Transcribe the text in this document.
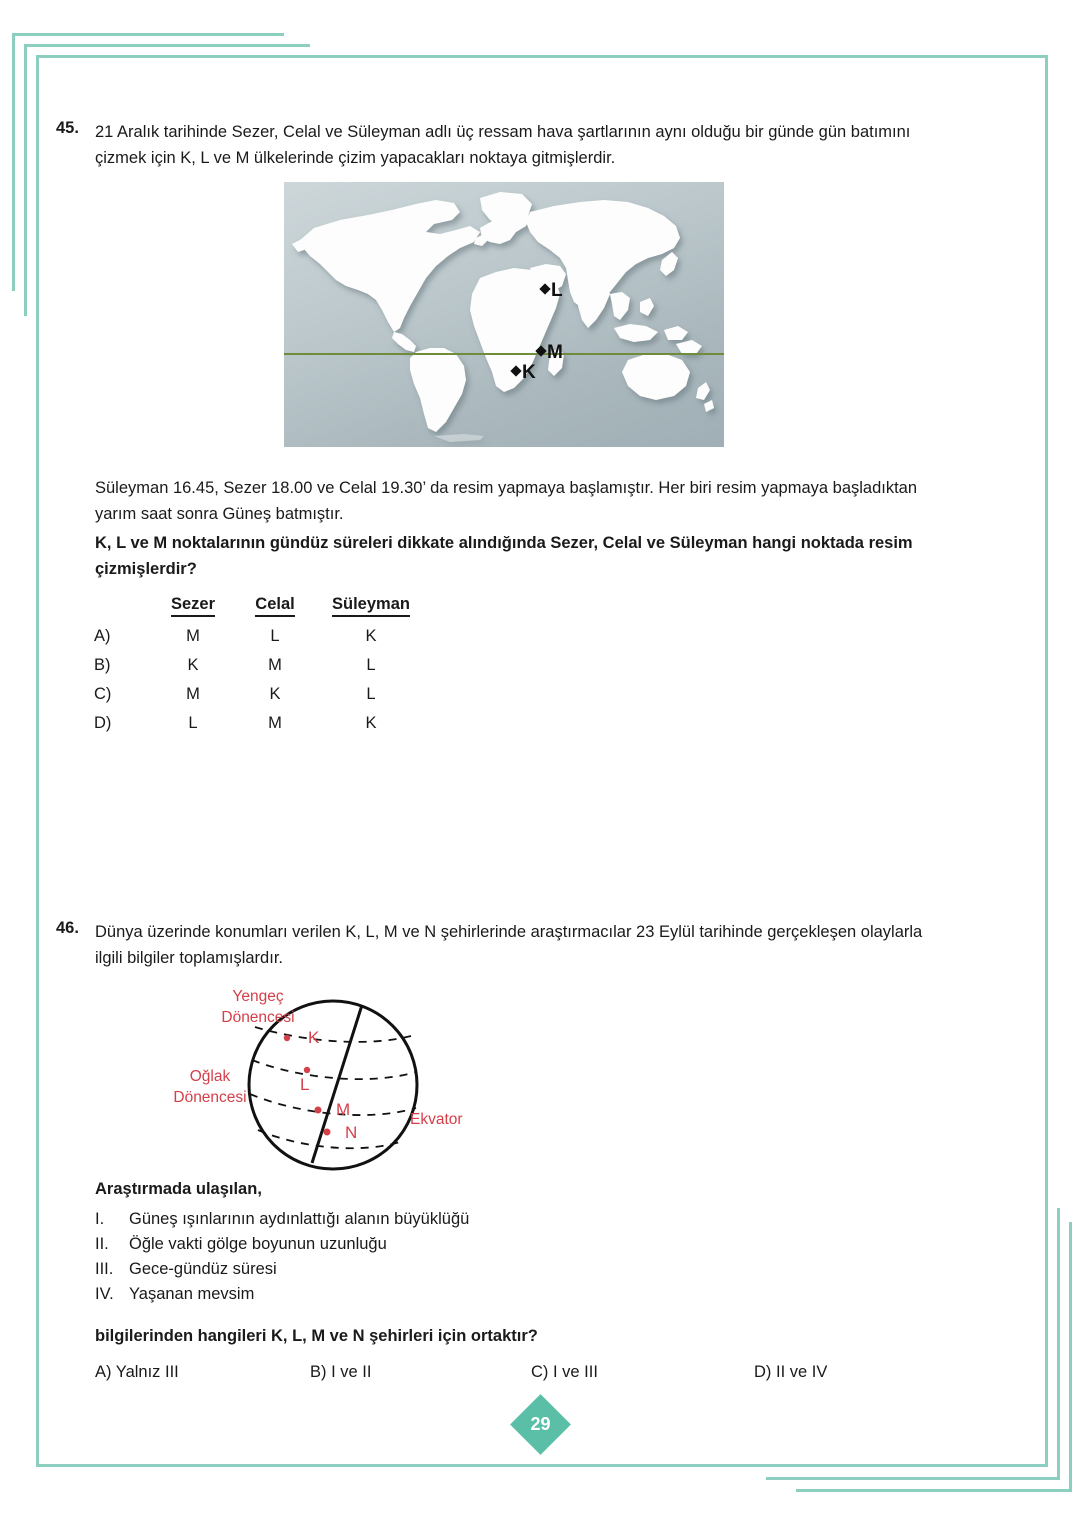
45. 21 Aralık tarihinde Sezer, Celal ve Süleyman adlı üç ressam hava şartlarının aynı olduğu bir günde gün batımını
çizmek için K, L ve M ülkelerinde çizim yapacakları noktaya gitmişlerdir.
L
M
K
Süleyman 16.45, Sezer 18.00 ve Celal 19.30’ da resim yapmaya başlamıştır. Her biri resim yapmaya başladıktan
yarım saat sonra Güneş batmıştır.
K, L ve M noktalarının gündüz süreleri dikkate alındığında Sezer, Celal ve Süleyman hangi noktada resim
çizmişlerdir?
	Sezer	Celal	Süleyman
A)	M	L	K
B)	K	M	L
C)	M	K	L
D)	L	M	K
46. Dünya üzerinde konumları verilen K, L, M ve N şehirlerinde araştırmacılar 23 Eylül tarihinde gerçekleşen olaylarla
ilgili bilgiler toplamışlardır.
Yengeç
Dönencesi
Oğlak
Dönencesi
Ekvator
K
L
M
N
Araştırmada ulaşılan,
I.	Güneş ışınlarının aydınlattığı alanın büyüklüğü
II.	Öğle vakti gölge boyunun uzunluğu
III. Gece-gündüz süresi
IV. Yaşanan mevsim
bilgilerinden hangileri K, L, M ve N şehirleri için ortaktır?
A) Yalnız III	B) I ve II	C) I ve III	D) II ve IV
29
